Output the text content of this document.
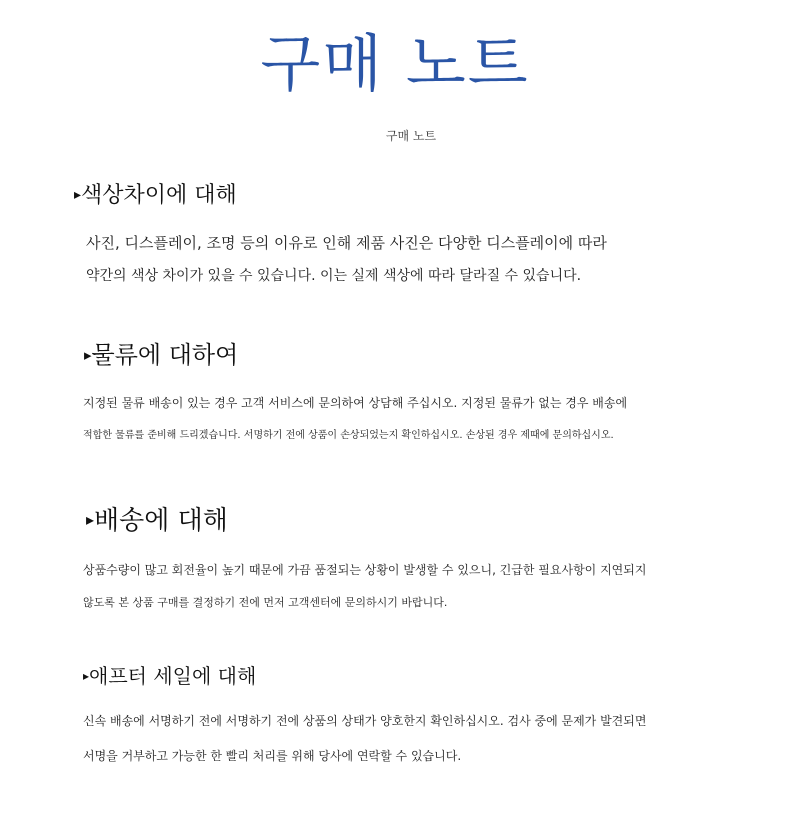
구매 노트
구매 노트
▸색상차이에 대해
사진, 디스플레이, 조명 등의 이유로 인해 제품 사진은 다양한 디스플레이에 따라
약간의 색상 차이가 있을 수 있습니다. 이는 실제 색상에 따라 달라질 수 있습니다.
▸물류에 대하여
지정된 물류 배송이 있는 경우 고객 서비스에 문의하여 상담해 주십시오. 지정된 물류가 없는 경우 배송에
적합한 물류를 준비해 드리겠습니다. 서명하기 전에 상품이 손상되었는지 확인하십시오. 손상된 경우 제때에 문의하십시오.
▸배송에 대해
상품수량이 많고 회전율이 높기 때문에 가끔 품절되는 상황이 발생할 수 있으니, 긴급한 필요사항이 지연되지
않도록 본 상품 구매를 결정하기 전에 먼저 고객센터에 문의하시기 바랍니다.
▸애프터 세일에 대해
신속 배송에 서명하기 전에 서명하기 전에 상품의 상태가 양호한지 확인하십시오. 검사 중에 문제가 발견되면
서명을 거부하고 가능한 한 빨리 처리를 위해 당사에 연락할 수 있습니다.
